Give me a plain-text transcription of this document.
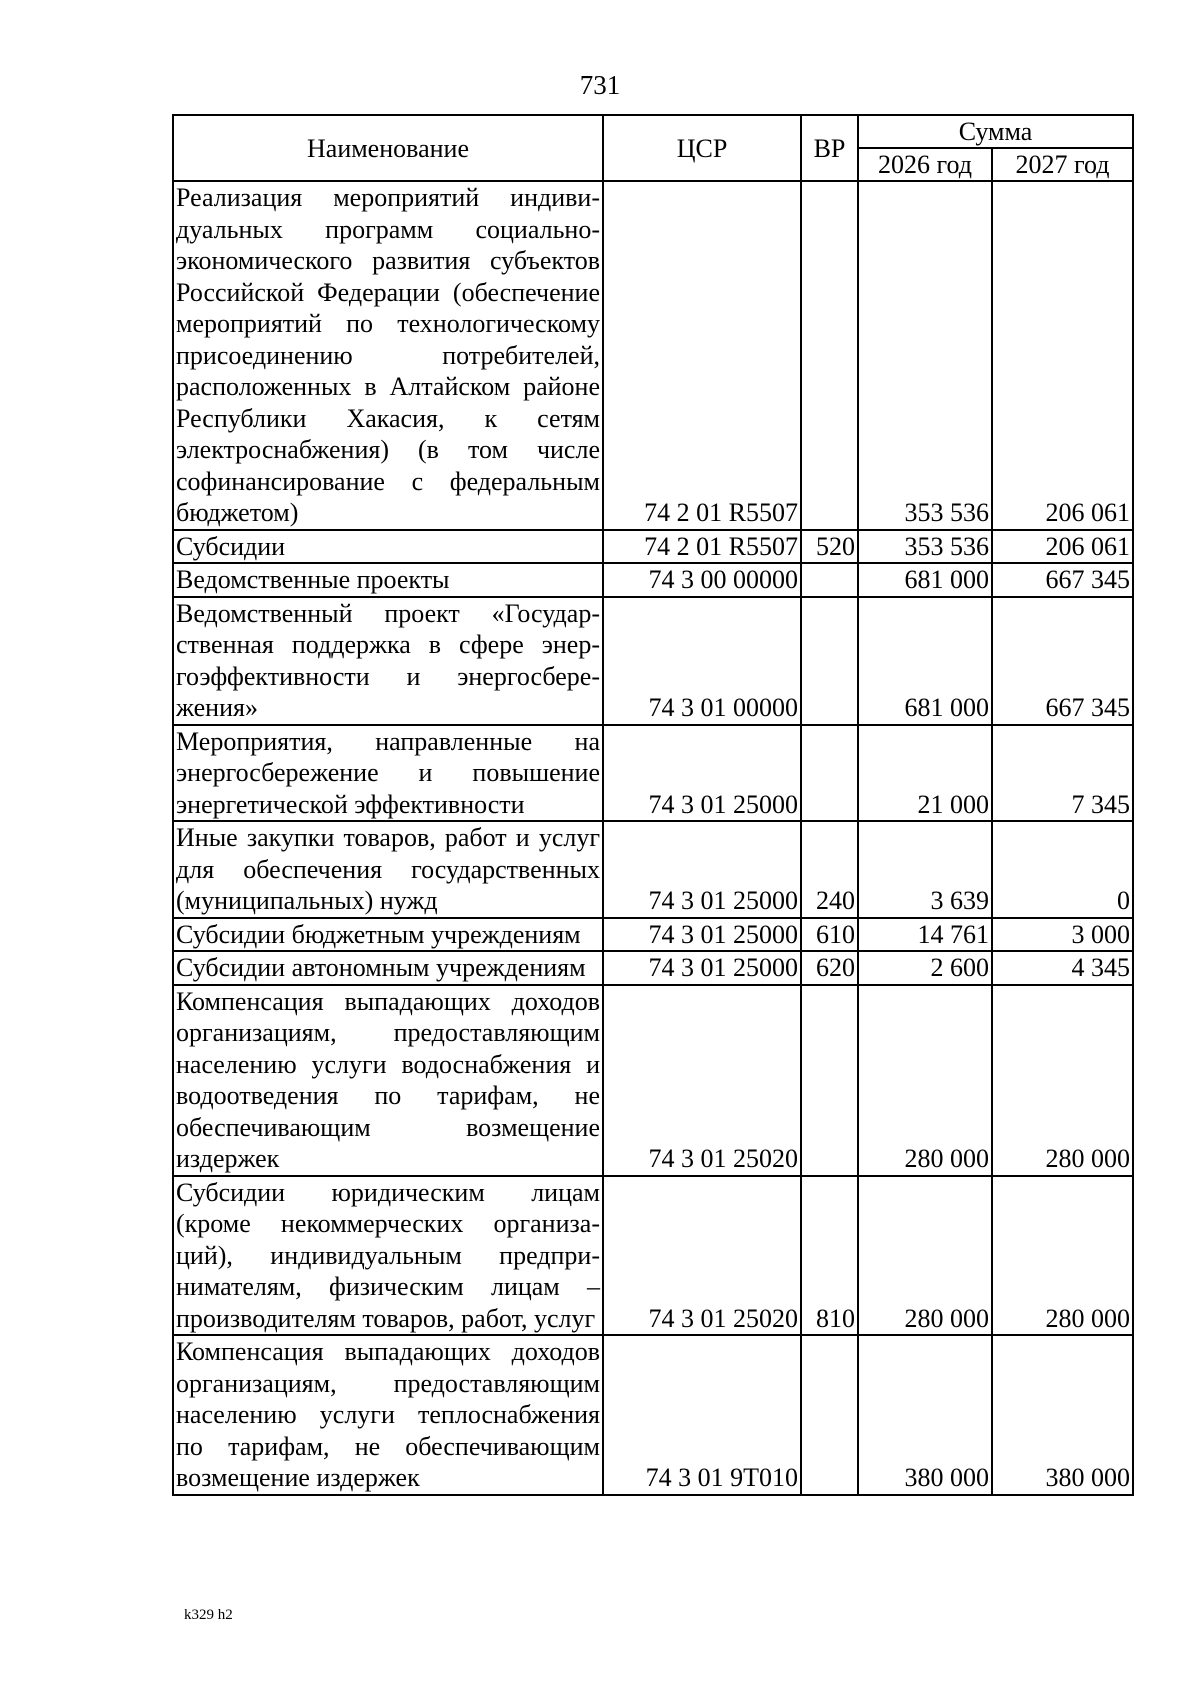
731
Наименование	ЦСР	ВР	Сумма	
			2026 год	2027 год
Реализация мероприятий индивидуальных программ социально-экономического развития субъектов Российской Федерации (обеспечение мероприятий по технологическому присоединению потребителей, расположенных в Алтайском районе Республики Хакасия, к сетям электроснабжения) (в том числе софинансирование с федеральным бюджетом)	74 2 01 R5507		353 536	206 061
Субсидии	74 2 01 R5507	520	353 536	206 061
Ведомственные проекты	74 3 00 00000		681 000	667 345
Ведомственный проект «Государственная поддержка в сфере энергоэффективности и энергосбережения»	74 3 01 00000		681 000	667 345
Мероприятия, направленные на энергосбережение и повышение энергетической эффективности	74 3 01 25000		21 000	7 345
Иные закупки товаров, работ и услуг для обеспечения государственных (муниципальных) нужд	74 3 01 25000	240	3 639	0
Субсидии бюджетным учреждениям	74 3 01 25000	610	14 761	3 000
Субсидии автономным учреждениям	74 3 01 25000	620	2 600	4 345
Компенсация выпадающих доходов организациям, предоставляющим населению услуги водоснабжения и водоотведения по тарифам, не обеспечивающим возмещение издержек	74 3 01 25020		280 000	280 000
Субсидии юридическим лицам (кроме некоммерческих организаций), индивидуальным предпринимателям, физическим лицам – производителям товаров, работ, услуг	74 3 01 25020	810	280 000	280 000
Компенсация выпадающих доходов организациям, предоставляющим населению услуги теплоснабжения по тарифам, не обеспечивающим возмещение издержек	74 3 01 9Т010		380 000	380 000
k329 h2
